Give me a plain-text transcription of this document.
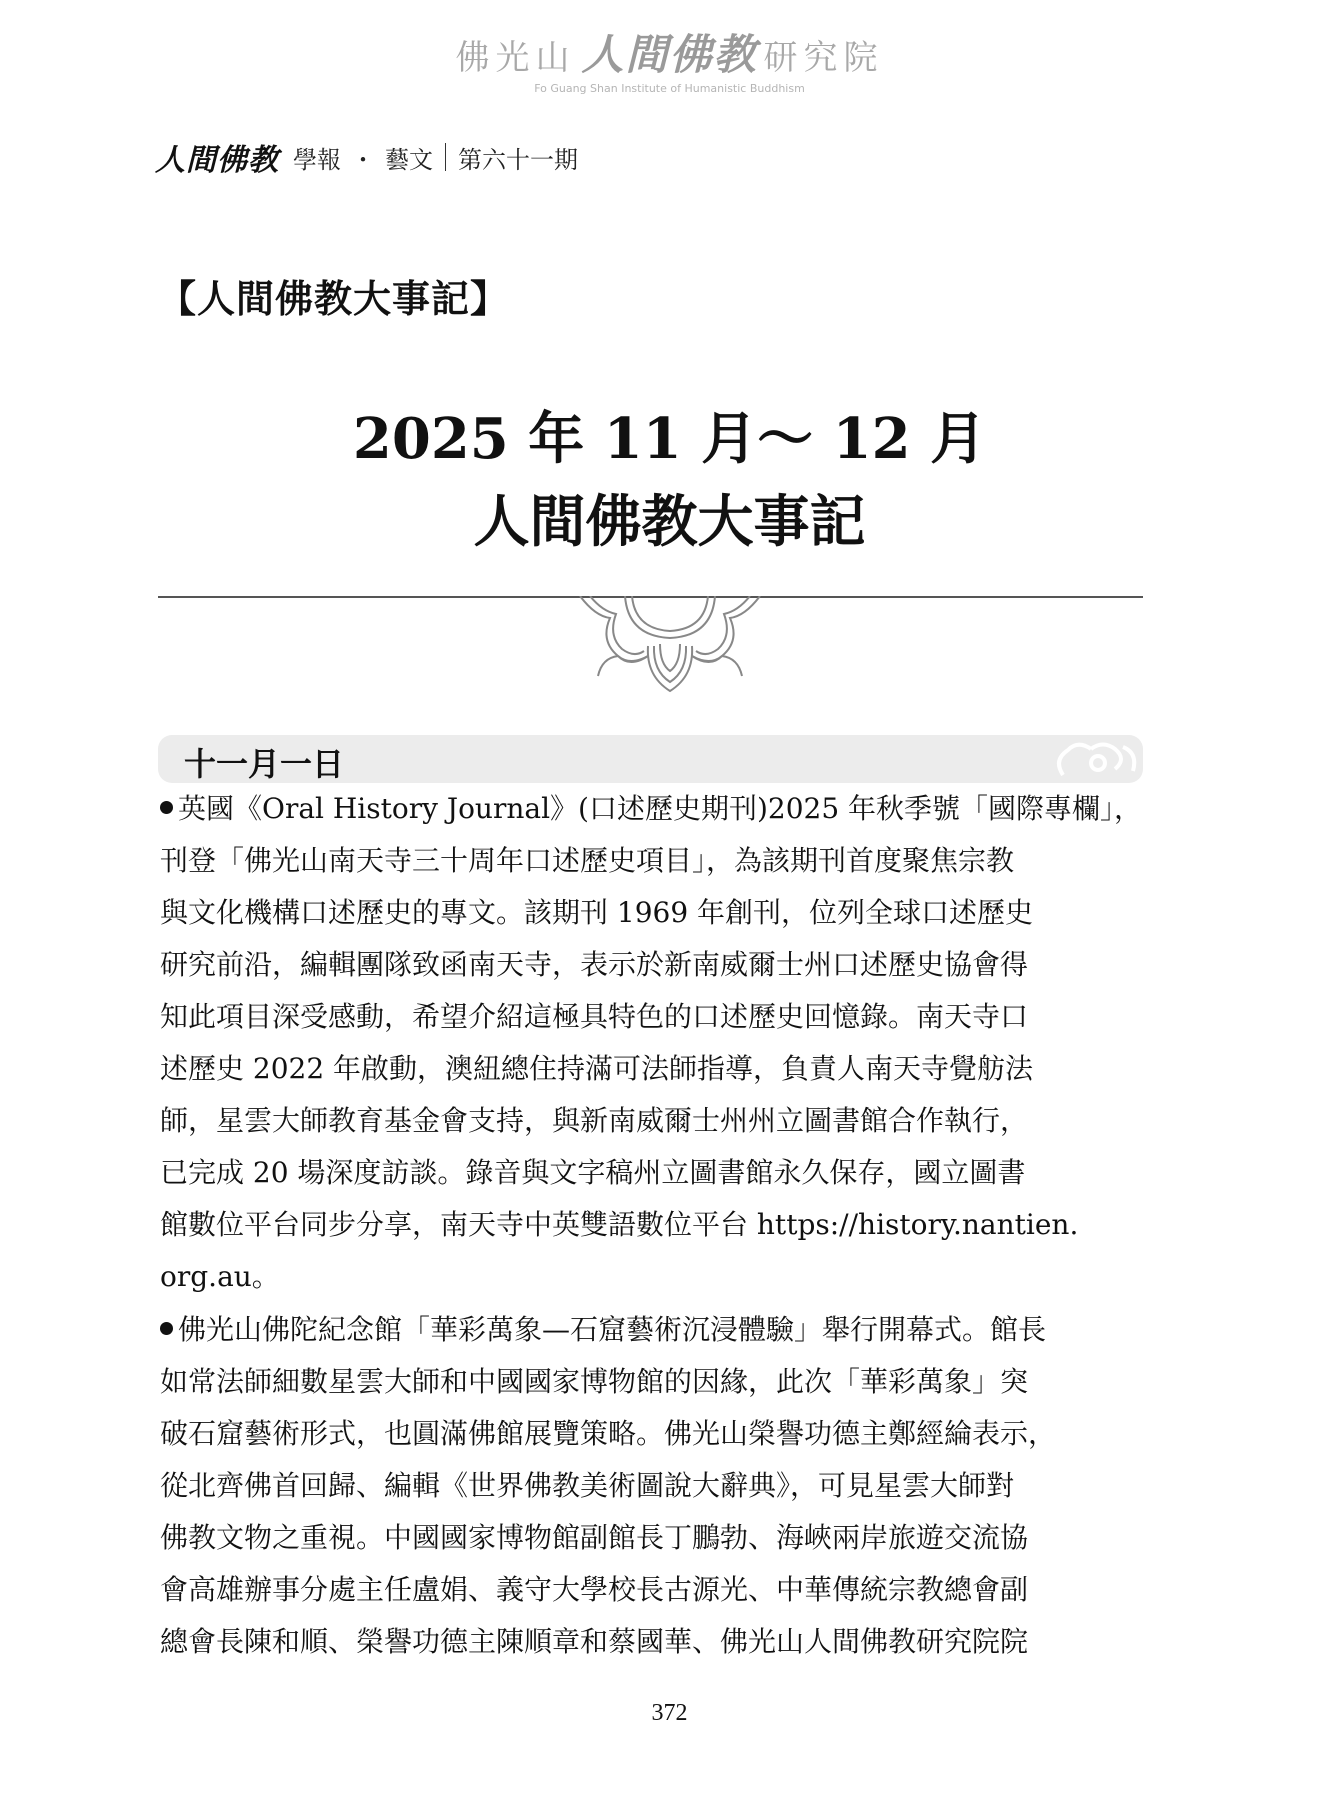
佛光山 人間佛教 研究院
Fo Guang Shan Institute of Humanistic Buddhism
人間佛教 學報 ・ 藝文 第六十一期
【人間佛教大事記】
2025 年 11 月～ 12 月
人間佛教大事記
十一月一日
英國《Oral History Journal》(口述歷史期刊)2025 年秋季號「國際專欄」，
刊登「佛光山南天寺三十周年口述歷史項目」，為該期刊首度聚焦宗教
與文化機構口述歷史的專文。該期刊 1969 年創刊，位列全球口述歷史
研究前沿，編輯團隊致函南天寺，表示於新南威爾士州口述歷史協會得
知此項目深受感動，希望介紹這極具特色的口述歷史回憶錄。南天寺口
述歷史 2022 年啟動，澳紐總住持滿可法師指導，負責人南天寺覺舫法
師，星雲大師教育基金會支持，與新南威爾士州州立圖書館合作執行，
已完成 20 場深度訪談。錄音與文字稿州立圖書館永久保存，國立圖書
館數位平台同步分享，南天寺中英雙語數位平台 https://history.nantien.
org.au。
佛光山佛陀紀念館「華彩萬象—石窟藝術沉浸體驗」舉行開幕式。館長
如常法師細數星雲大師和中國國家博物館的因緣，此次「華彩萬象」突
破石窟藝術形式，也圓滿佛館展覽策略。佛光山榮譽功德主鄭經綸表示，
從北齊佛首回歸、編輯《世界佛教美術圖說大辭典》，可見星雲大師對
佛教文物之重視。中國國家博物館副館長丁鵬勃、海峽兩岸旅遊交流協
會高雄辦事分處主任盧娟、義守大學校長古源光、中華傳統宗教總會副
總會長陳和順、榮譽功德主陳順章和蔡國華、佛光山人間佛教研究院院
372
